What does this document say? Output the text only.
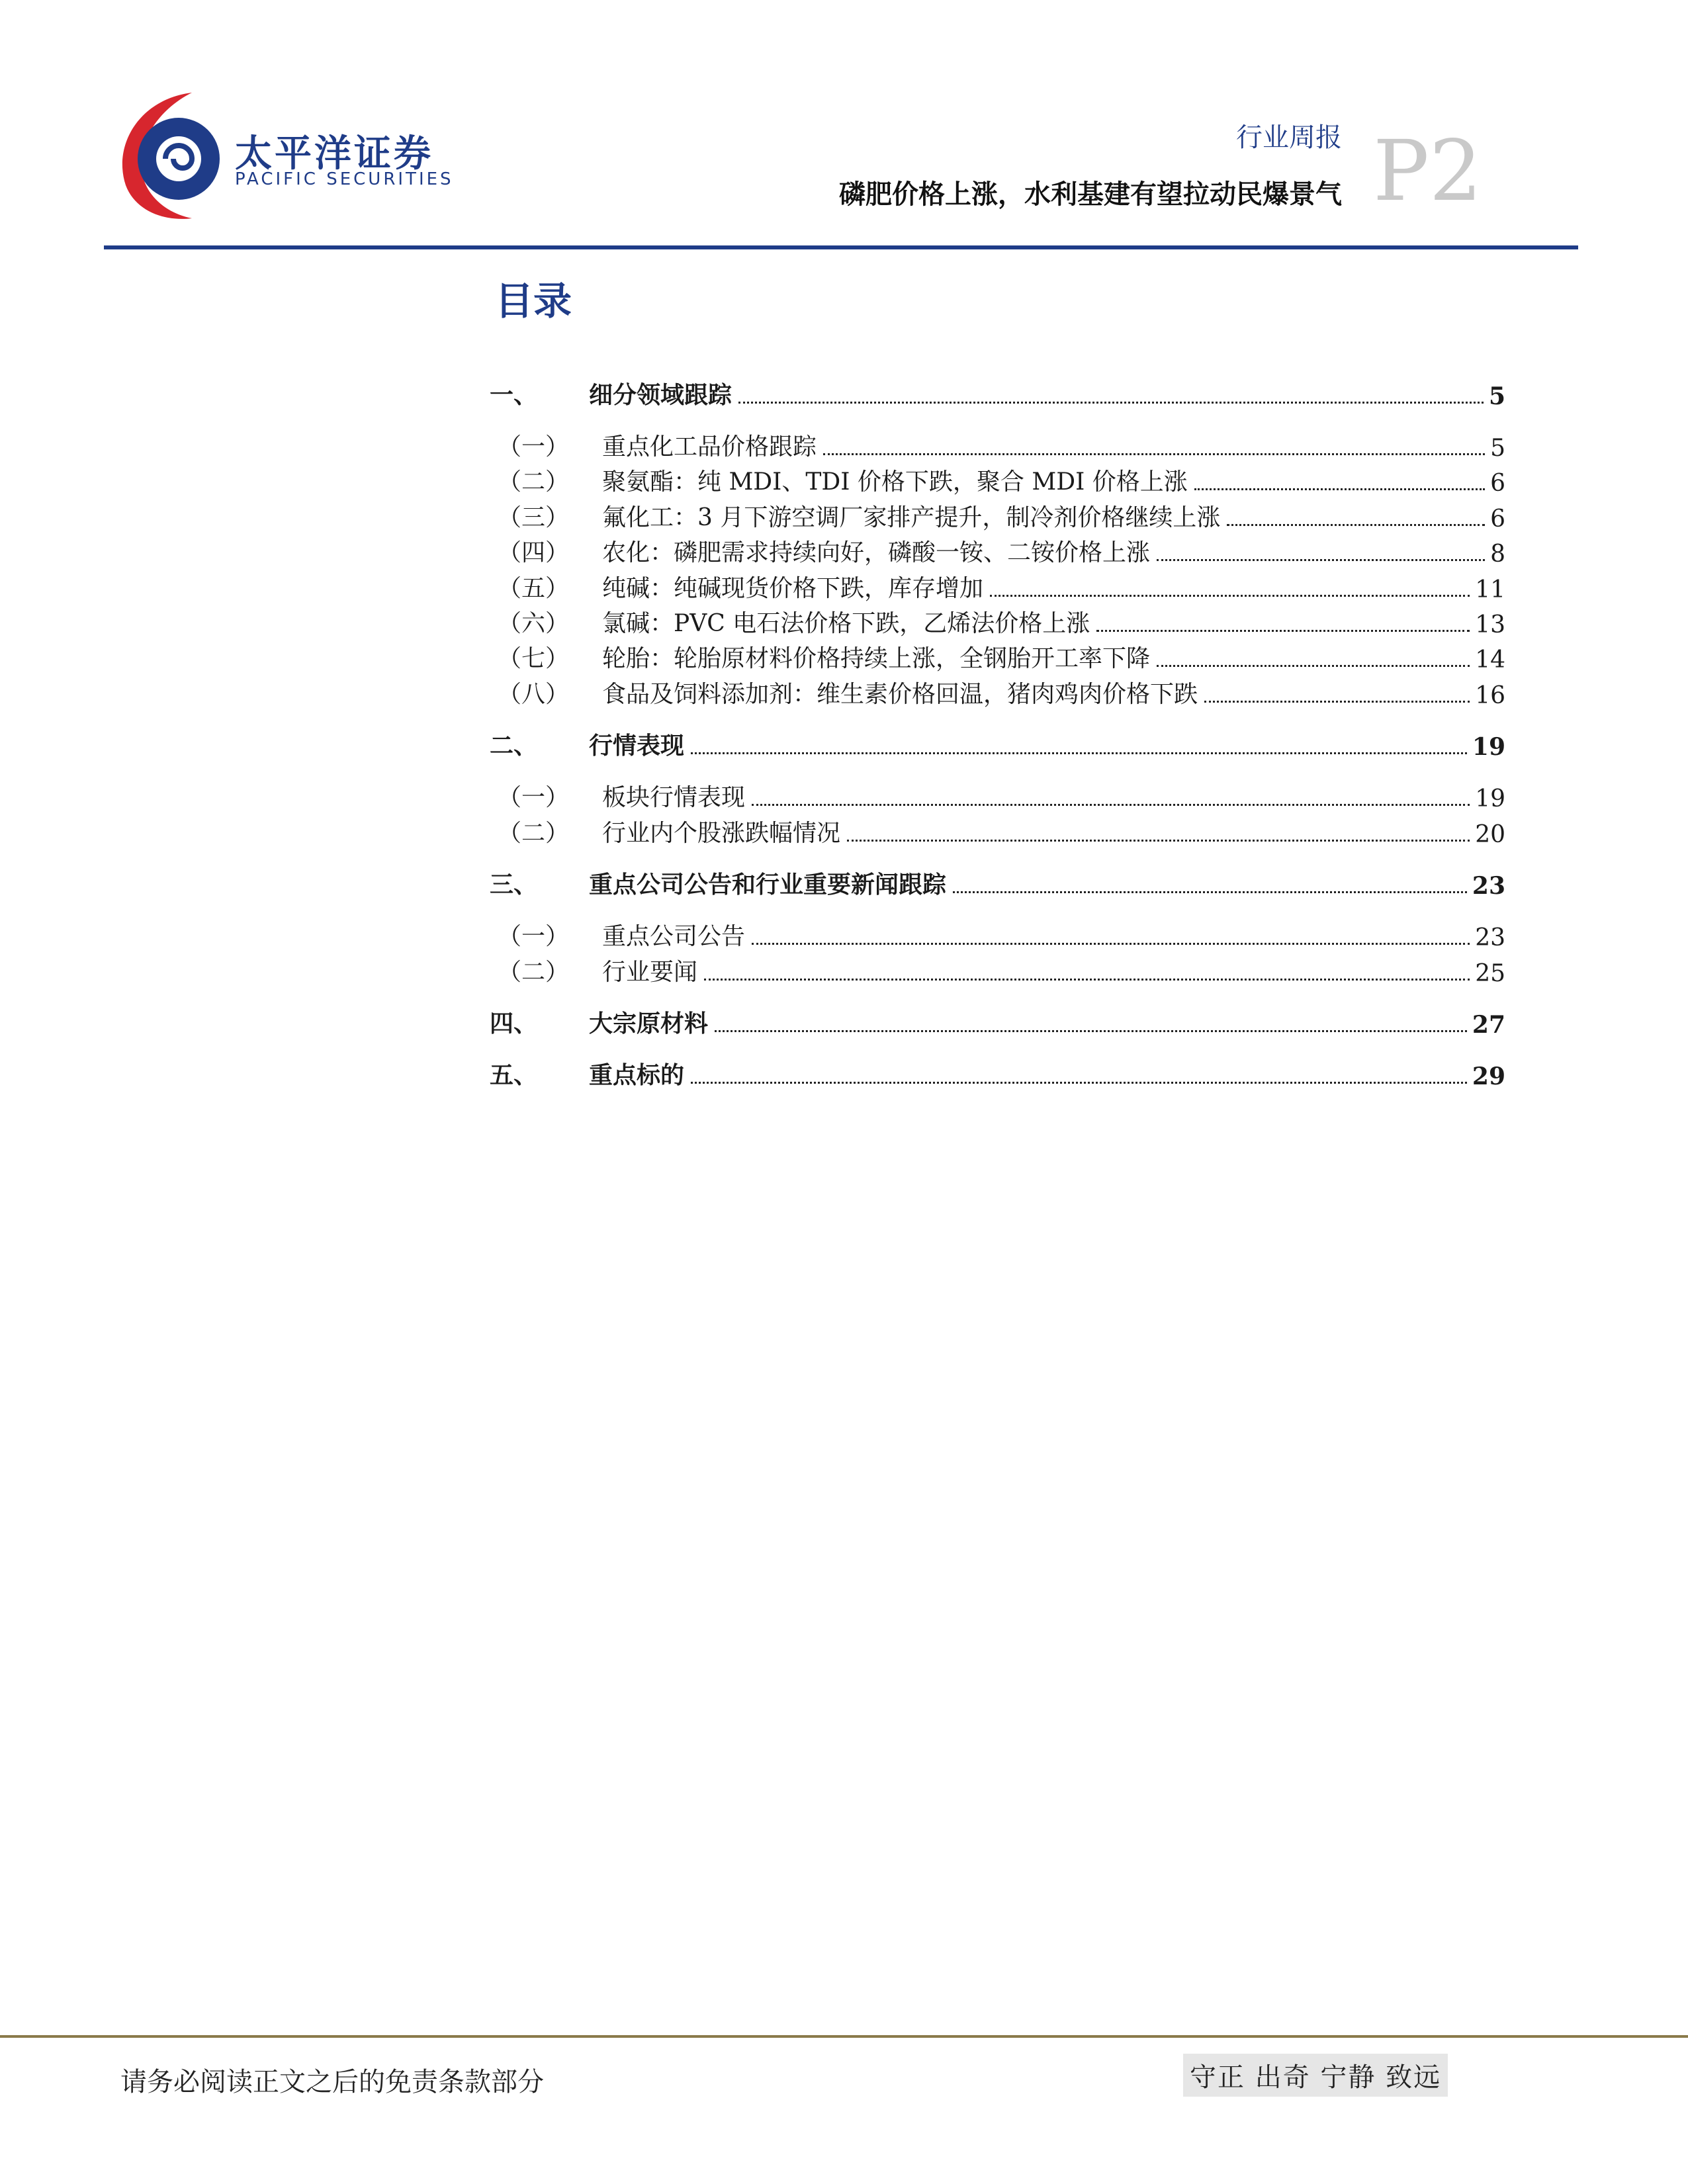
太平洋证券
PACIFIC SECURITIES
行业周报
磷肥价格上涨，水利基建有望拉动民爆景气 P2
目录
一、	细分领域跟踪	5
（一）	重点化工品价格跟踪	5
（二）	聚氨酯：纯 MDI、TDI 价格下跌，聚合 MDI 价格上涨	6
（三）	氟化工：3 月下游空调厂家排产提升，制冷剂价格继续上涨	6
（四）	农化：磷肥需求持续向好，磷酸一铵、二铵价格上涨	8
（五）	纯碱：纯碱现货价格下跌，库存增加	11
（六）	氯碱：PVC 电石法价格下跌，乙烯法价格上涨	13
（七）	轮胎：轮胎原材料价格持续上涨，全钢胎开工率下降	14
（八）	食品及饲料添加剂：维生素价格回温，猪肉鸡肉价格下跌	16
二、	行情表现	19
（一）	板块行情表现	19
（二）	行业内个股涨跌幅情况	20
三、	重点公司公告和行业重要新闻跟踪	23
（一）	重点公司公告	23
（二）	行业要闻	25
四、	大宗原材料	27
五、	重点标的	29
请务必阅读正文之后的免责条款部分	守正 出奇 宁静 致远
